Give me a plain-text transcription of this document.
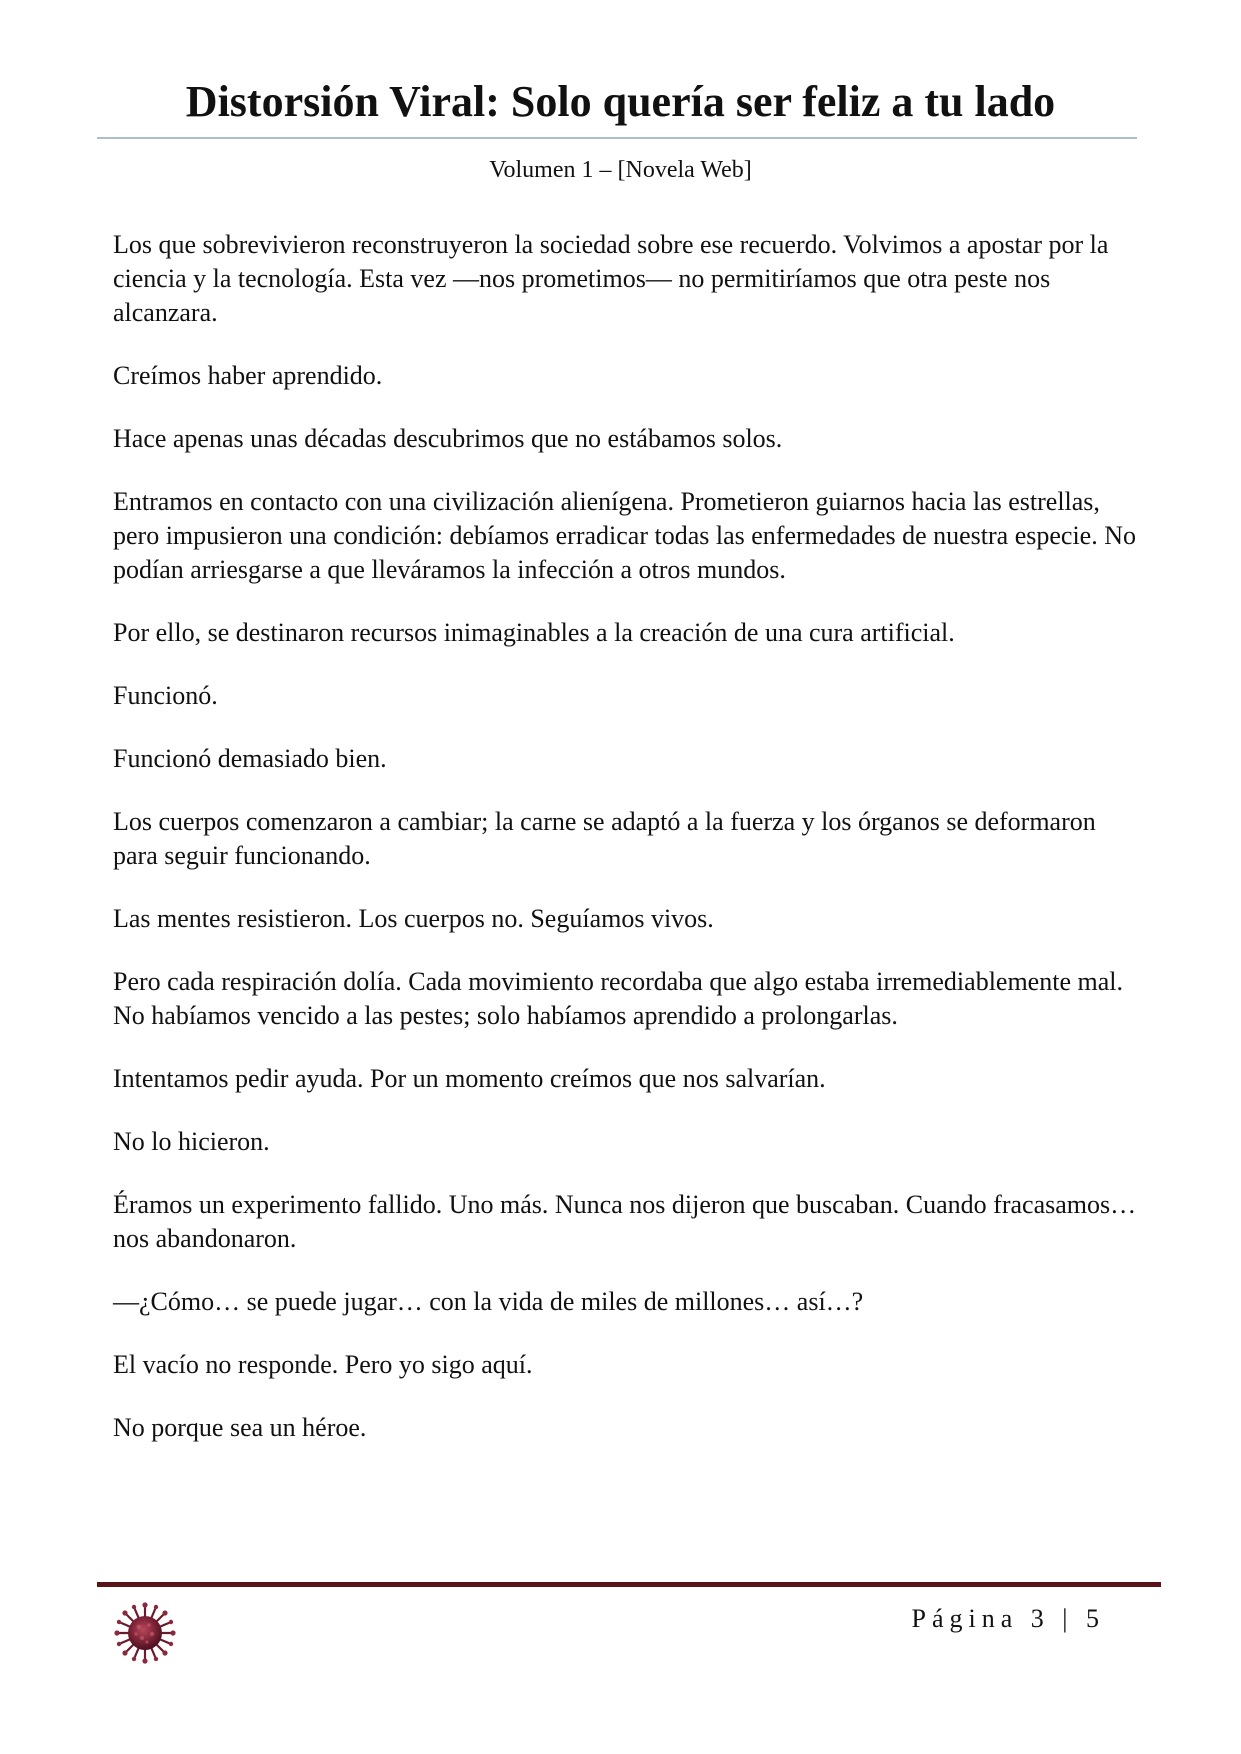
Distorsión Viral: Solo quería ser feliz a tu lado
Volumen 1 – [Novela Web]

Los que sobrevivieron reconstruyeron la sociedad sobre ese recuerdo. Volvimos a apostar por la ciencia y la tecnología. Esta vez —nos prometimos— no permitiríamos que otra peste nos alcanzara.

Creímos haber aprendido.

Hace apenas unas décadas descubrimos que no estábamos solos.

Entramos en contacto con una civilización alienígena. Prometieron guiarnos hacia las estrellas, pero impusieron una condición: debíamos erradicar todas las enfermedades de nuestra especie. No podían arriesgarse a que lleváramos la infección a otros mundos.

Por ello, se destinaron recursos inimaginables a la creación de una cura artificial.

Funcionó.

Funcionó demasiado bien.

Los cuerpos comenzaron a cambiar; la carne se adaptó a la fuerza y los órganos se deformaron para seguir funcionando.

Las mentes resistieron. Los cuerpos no. Seguíamos vivos.

Pero cada respiración dolía. Cada movimiento recordaba que algo estaba irremediablemente mal. No habíamos vencido a las pestes; solo habíamos aprendido a prolongarlas.

Intentamos pedir ayuda. Por un momento creímos que nos salvarían.

No lo hicieron.

Éramos un experimento fallido. Uno más. Nunca nos dijeron que buscaban. Cuando fracasamos… nos abandonaron.

—¿Cómo… se puede jugar… con la vida de miles de millones… así…?

El vacío no responde. Pero yo sigo aquí.

No porque sea un héroe.

Página 3 | 5
